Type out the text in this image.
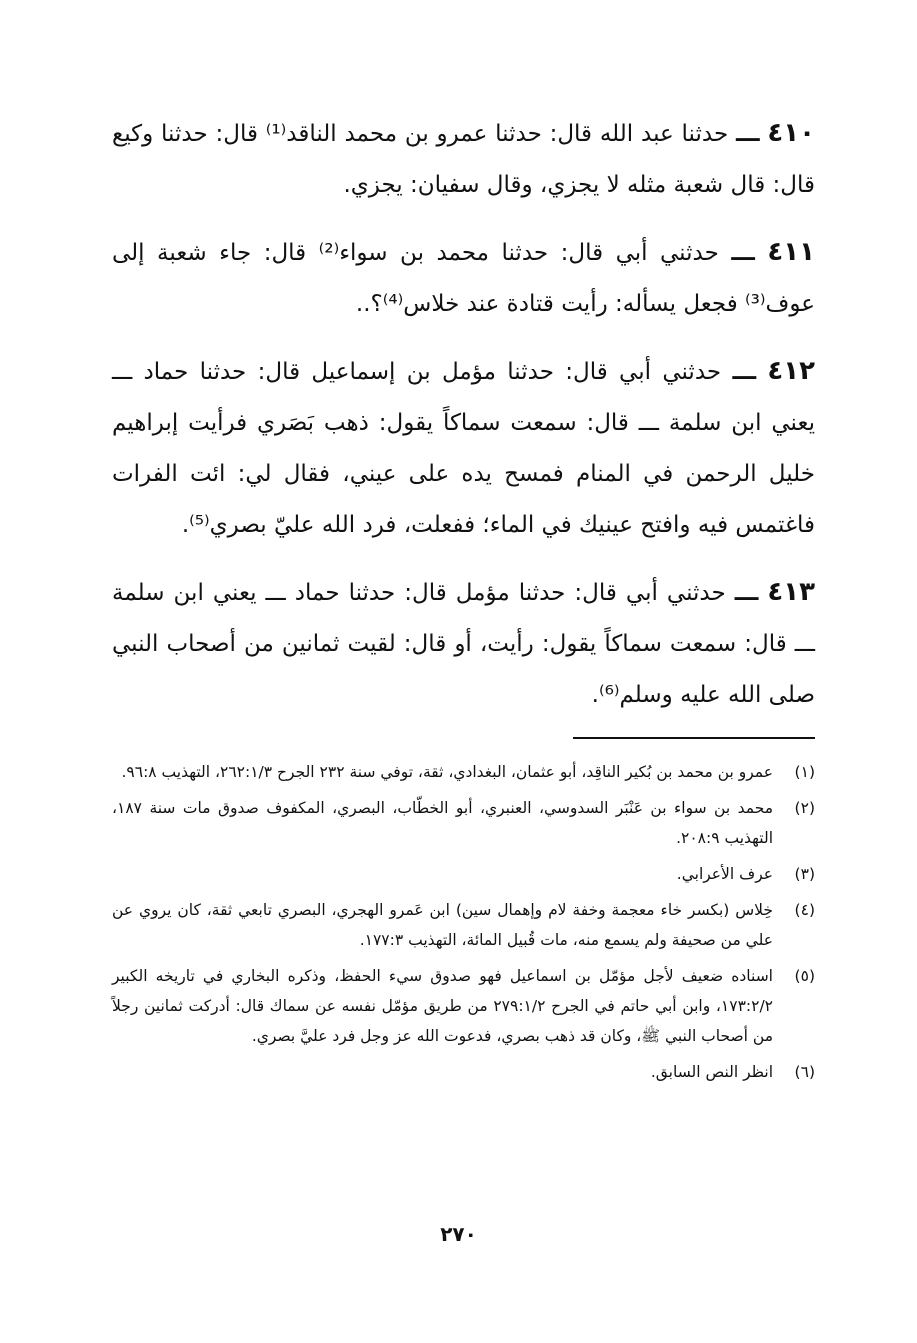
٤١٠ ـــ حدثنا عبد الله قال: حدثنا عمرو بن محمد الناقد⁽¹⁾ قال: حدثنا وكيع قال: قال شعبة مثله لا يجزي، وقال سفيان: يجزي.

٤١١ ـــ حدثني أبي قال: حدثنا محمد بن سواء⁽²⁾ قال: جاء شعبة إلى عوف⁽³⁾ فجعل يسأله: رأيت قتادة عند خلاس⁽⁴⁾؟..

٤١٢ ـــ حدثني أبي قال: حدثنا مؤمل بن إسماعيل قال: حدثنا حماد ـــ يعني ابن سلمة ـــ قال: سمعت سماكاً يقول: ذهب بَصَري فرأيت إبراهيم خليل الرحمن في المنام فمسح يده على عيني، فقال لي: ائت الفرات فاغتمس فيه وافتح عينيك في الماء؛ ففعلت، فرد الله عليّ بصري⁽⁵⁾.

٤١٣ ـــ حدثني أبي قال: حدثنا مؤمل قال: حدثنا حماد ـــ يعني ابن سلمة ـــ قال: سمعت سماكاً يقول: رأيت، أو قال: لقيت ثمانين من أصحاب النبي صلى الله عليه وسلم⁽⁶⁾.

(١)
عمرو بن محمد بن بُكير الناقِد، أبو عثمان، البغدادي، ثقة، توفي سنة ٢٣٢ الجرح ٢٦٢:١/٣، التهذيب ٩٦:٨.
(٢)
محمد بن سواء بن عَنْبَر السدوسي، العنبري، أبو الخطّاب، البصري، المكفوف صدوق مات سنة ١٨٧، التهذيب ٢٠٨:٩.
(٣)
عرف الأعرابي.
(٤)
خِلاس (بكسر خاء معجمة وخفة لام وإهمال سين) ابن عَمرو الهجري، البصري تابعي ثقة، كان يروي عن علي من صحيفة ولم يسمع منه، مات قُبيل المائة، التهذيب ١٧٧:٣.
(٥)
اسناده ضعيف لأجل مؤمّل بن اسماعيل فهو صدوق سيء الحفظ، وذكره البخاري في تاريخه الكبير ١٧٣:٢/٢، وابن أبي حاتم في الجرح ٢٧٩:١/٢ من طريق مؤمّل نفسه عن سماك قال: أدركت ثمانين رجلاً من أصحاب النبي ﷺ، وكان قد ذهب بصري، فدعوت الله عز وجل فرد عليَّ بصري.
(٦)
انظر النص السابق.
٢٧٠
